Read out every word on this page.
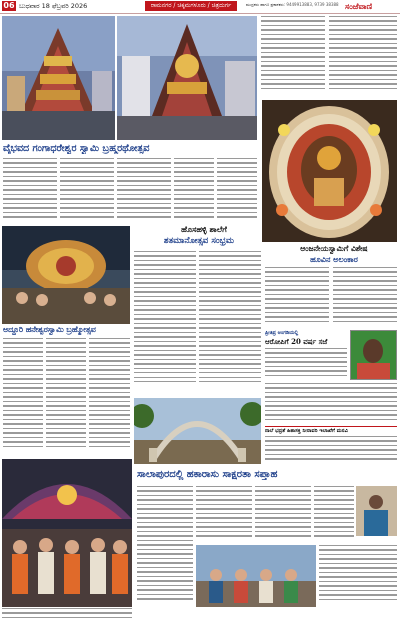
06 ಬುಧವಾರ 18 ಫೆಬ್ರವರಿ 2026	ರಾಮನಗರ / ಚಿಕ್ಕಮಗಳೂರು / ಚಿತ್ರದುರ್ಗ	ಮುದ್ರಕರು ಹಾಗೂ ಪ್ರಕಾಶಕರು: 9449913883, 9739 38388 ಸಂಜೆವಾಣಿ
ವೈಭವದ ಗಂಗಾಧರೇಶ್ವರ ಸ್ವಾಮಿ ಬ್ರಹ್ಮರಥೋತ್ಸವ
ಆಂಜನೇಯಸ್ವಾಮಿಗೆ ವಿಶೇಷ
ಹೂವಿನ ಅಲಂಕಾರ
ಹೊಸಹಳ್ಳಿ ಶಾಲೆಗೆ
ಶತಮಾನೋತ್ಸವ ಸಂಭ್ರಮ
ಅದ್ದೂರಿ ಹನೇಶ್ವರಸ್ವಾಮಿ ಬ್ರಹ್ಮೋತ್ಸವ	ಪ್ರೀತಿಪ್ರ ಅಂಗಡಿಯಲ್ಲಿ
ಆರೋಪಿಗೆ 20 ವರ್ಷ ಸಜೆ
ನಾಲೆ ಭದ್ರತೆ ಹಿತಾಸಕ್ತಿ ನೀರಾವರಿ ಇಲಾಖೆಗೆ ಮನವಿ
ಸಾಲಾಪುರದಲ್ಲಿ ಹಕಾರಾಸು ಸಾಕ್ಷರತಾ ಸಪ್ತಾಹ
